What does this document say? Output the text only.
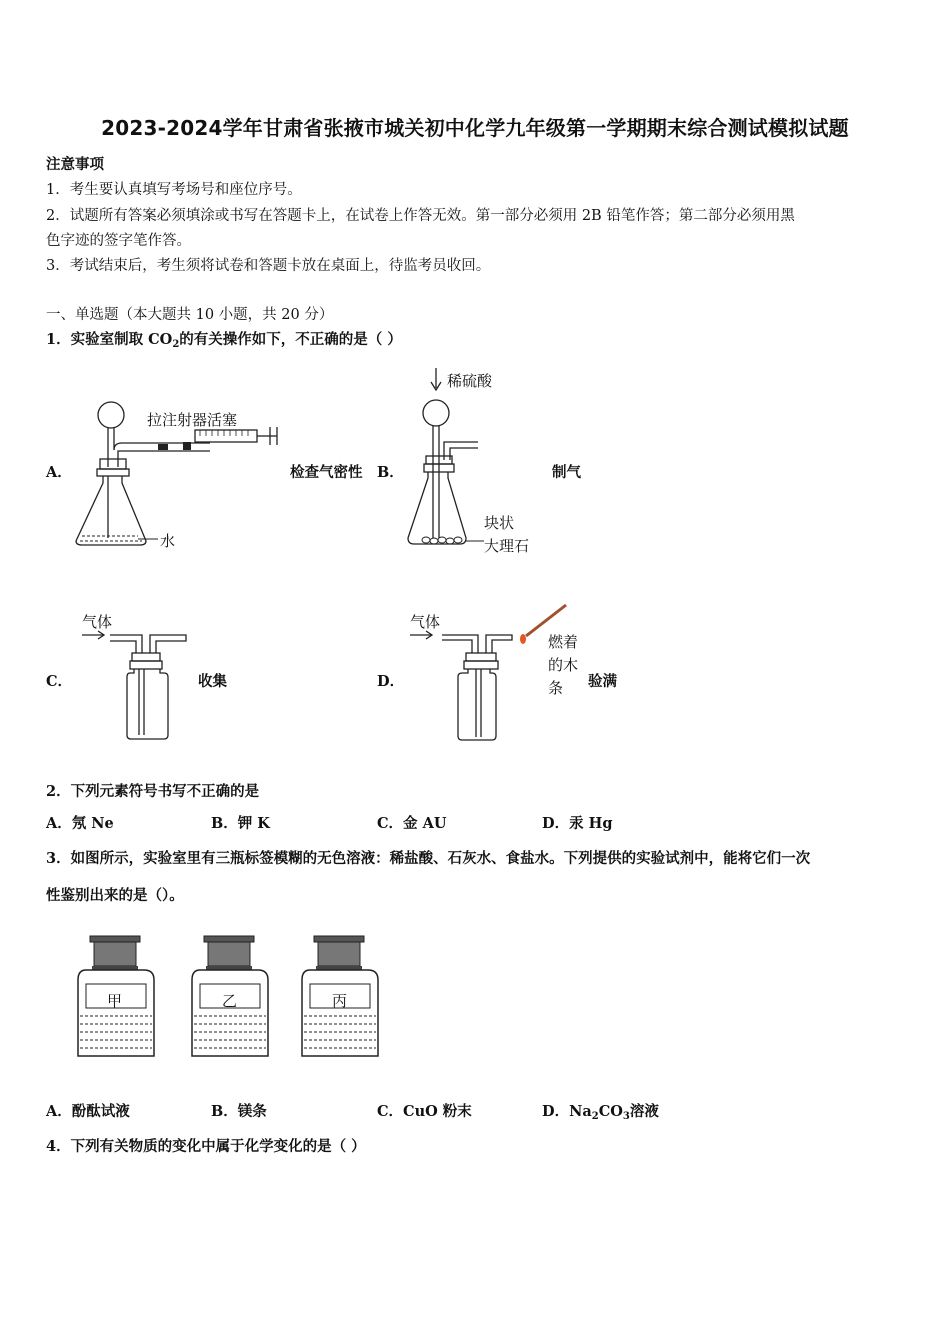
2023-2024学年甘肃省张掖市城关初中化学九年级第一学期期末综合测试模拟试题
注意事项
1．考生要认真填写考场号和座位序号。
2．试题所有答案必须填涂或书写在答题卡上，在试卷上作答无效。第一部分必须用 2B 铅笔作答；第二部分必须用黑
色字迹的签字笔作答。
3．考试结束后，考生须将试卷和答题卡放在桌面上，待监考员收回。
一、单选题（本大题共 10 小题，共 20 分）
1．实验室制取 $CO_2$的有关操作如下，不正确的是（ ）
A．	检查气密性 B．	制气
C．	收集	D．	验满
拉注射器活塞
水
稀硫酸
块状
大理石
气体	气体
燃着
的木
条
2．下列元素符号书写不正确的是
A．氖 Ne	B．钾 K	C．金 AU	D．汞 Hg
3．如图所示，实验室里有三瓶标签模糊的无色溶液：稀盐酸、石灰水、食盐水。下列提供的实验试剂中，能将它们一次
性鉴别出来的是（）。
甲	乙	丙
A．酚酞试液	B．镁条	C．CuO 粉末	D．$Na_2CO_3$溶液
4．下列有关物质的变化中属于化学变化的是（ ）
